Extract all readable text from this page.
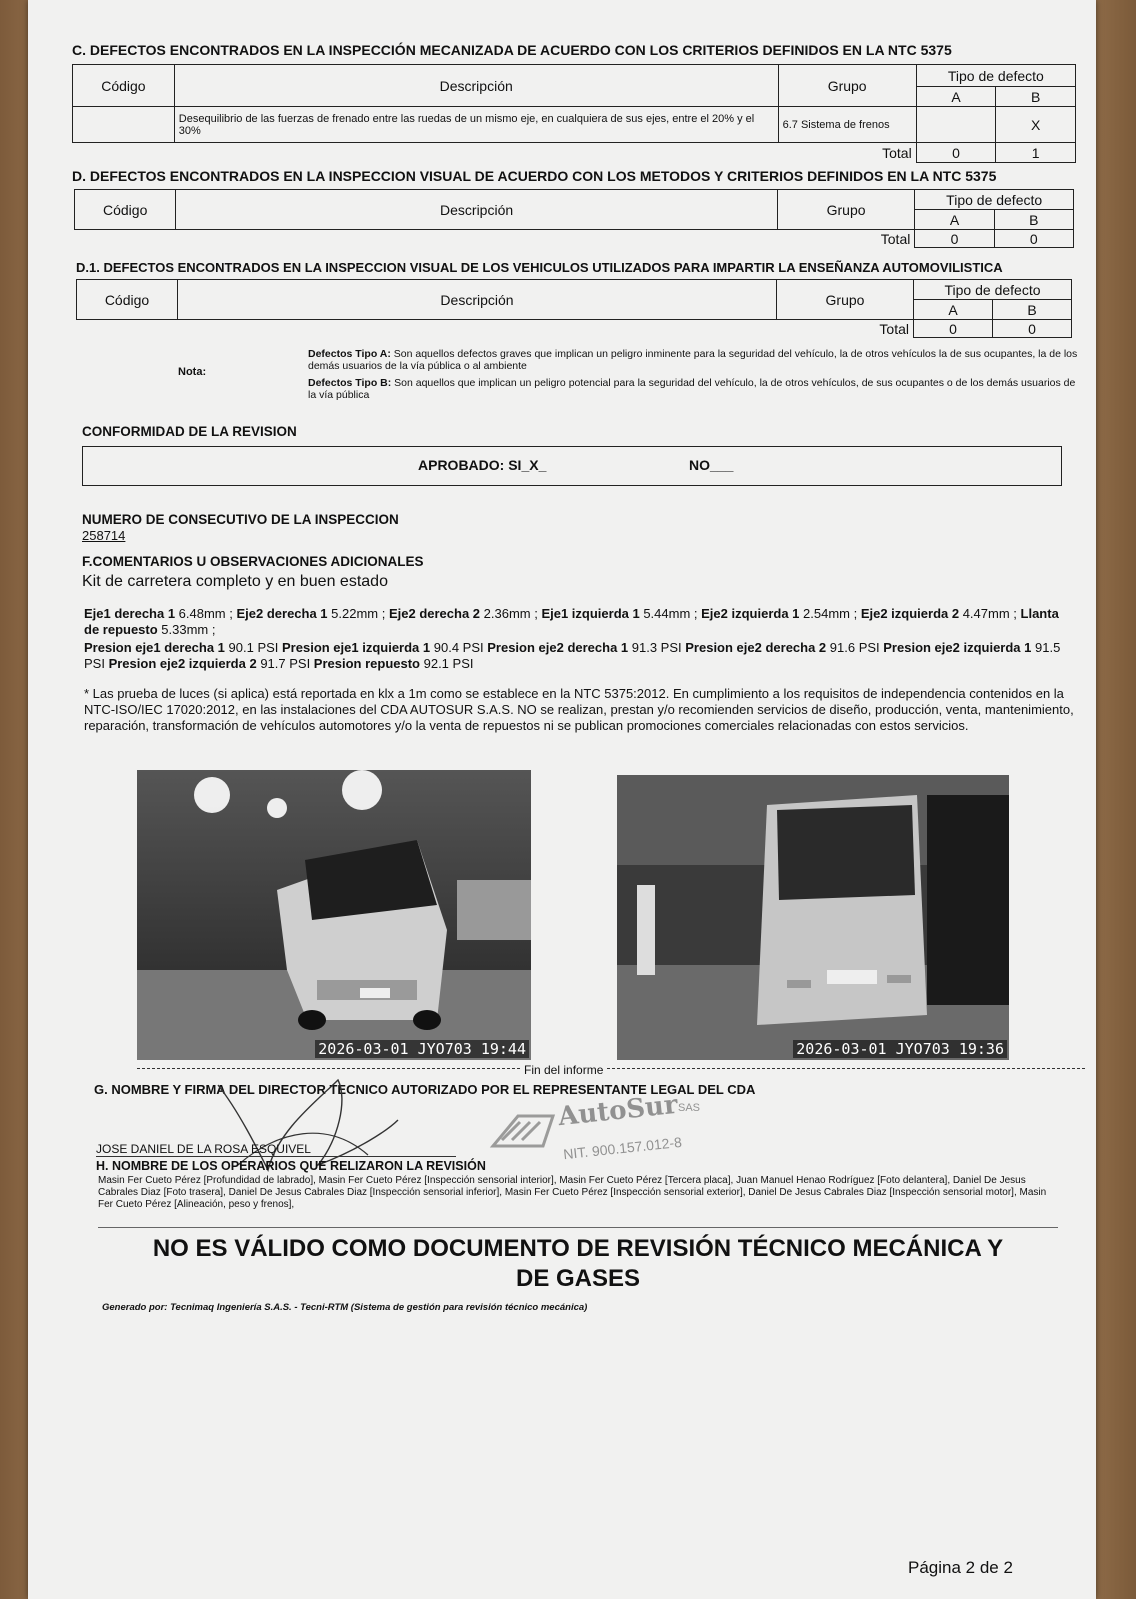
C. DEFECTOS ENCONTRADOS EN LA INSPECCIÓN MECANIZADA DE ACUERDO CON LOS CRITERIOS DEFINIDOS EN LA NTC 5375
Código	Descripción	Grupo	Tipo de defecto	
			A	B
	Desequilibrio de las fuerzas de frenado entre las ruedas de un mismo eje, en cualquiera de sus ejes, entre el 20% y el 30%	6.7 Sistema de frenos		X
		Total	0	1
D. DEFECTOS ENCONTRADOS EN LA INSPECCION VISUAL DE ACUERDO CON LOS METODOS Y CRITERIOS DEFINIDOS EN LA NTC 5375
Código	Descripción	Grupo	Tipo de defecto	
			A	B
		Total	0	0
D.1. DEFECTOS ENCONTRADOS EN LA INSPECCION VISUAL DE LOS VEHICULOS UTILIZADOS PARA IMPARTIR LA ENSEÑANZA AUTOMOVILISTICA
Código	Descripción	Grupo	Tipo de defecto	
			A	B
		Total	0	0
Nota:
Defectos Tipo A: Son aquellos defectos graves que implican un peligro inminente para la seguridad del vehículo, la de otros vehículos la de sus ocupantes, la de los demás usuarios de la vía pública o al ambiente
Defectos Tipo B: Son aquellos que implican un peligro potencial para la seguridad del vehículo, la de otros vehículos, de sus ocupantes o de los demás usuarios de la vía pública
CONFORMIDAD DE LA REVISION
APROBADO: SI_X_	NO___
NUMERO DE CONSECUTIVO DE LA INSPECCION
258714
F.COMENTARIOS U OBSERVACIONES ADICIONALES
Kit de carretera completo y en buen estado
Eje1 derecha 1 6.48mm ; Eje2 derecha 1 5.22mm ; Eje2 derecha 2 2.36mm ; Eje1 izquierda 1 5.44mm ; Eje2 izquierda 1 2.54mm ; Eje2 izquierda 2 4.47mm ; Llanta de repuesto 5.33mm ;
Presion eje1 derecha 1 90.1 PSI Presion eje1 izquierda 1 90.4 PSI Presion eje2 derecha 1 91.3 PSI Presion eje2 derecha 2 91.6 PSI Presion eje2 izquierda 1 91.5 PSI Presion eje2 izquierda 2 91.7 PSI Presion repuesto 92.1 PSI
* Las prueba de luces (si aplica) está reportada en klx a 1m como se establece en la NTC 5375:2012. En cumplimiento a los requisitos de independencia contenidos en la NTC-ISO/IEC 17020:2012, en las instalaciones del CDA AUTOSUR S.A.S. NO se realizan, prestan y/o recomienden servicios de diseño, producción, venta, mantenimiento, reparación, transformación de vehículos automotores y/o la venta de repuestos ni se publican promociones comerciales relacionadas con estos servicios.
2026-03-01 JYO703 19:44	2026-03-01 JYO703 19:36
Fin del informe
G. NOMBRE Y FIRMA DEL DIRECTOR TECNICO AUTORIZADO POR EL REPRESENTANTE LEGAL DEL CDA
AutoSur
SAS
NIT. 900.157.012-8
JOSE DANIEL DE LA ROSA ESQUIVEL
H. NOMBRE DE LOS OPERARIOS QUE RELIZARON LA REVISIÓN
Masin Fer Cueto Pérez [Profundidad de labrado], Masin Fer Cueto Pérez [Inspección sensorial interior], Masin Fer Cueto Pérez [Tercera placa], Juan Manuel Henao Rodríguez [Foto delantera], Daniel De Jesus Cabrales Diaz [Foto trasera], Daniel De Jesus Cabrales Diaz [Inspección sensorial inferior], Masin Fer Cueto Pérez [Inspección sensorial exterior], Daniel De Jesus Cabrales Diaz [Inspección sensorial motor], Masin Fer Cueto Pérez [Alineación, peso y frenos],
NO ES VÁLIDO COMO DOCUMENTO DE REVISIÓN TÉCNICO MECÁNICA Y
DE GASES
Generado por: Tecnimaq Ingeniería S.A.S. - Tecni-RTM (Sistema de gestión para revisión técnico mecánica)
Página 2 de 2
